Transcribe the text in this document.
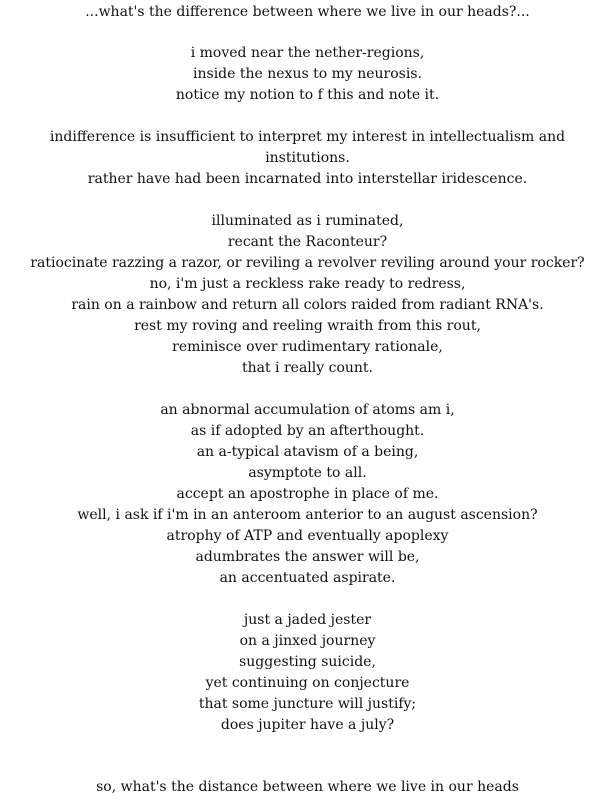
...what's the difference between where we live in our heads?...
i moved near the nether-regions,
inside the nexus to my neurosis.
notice my notion to f this and note it.
indifference is insufficient to interpret my interest in intellectualism and
institutions.
rather have had been incarnated into interstellar iridescence.
illuminated as i ruminated,
recant the Raconteur?
ratiocinate razzing a razor, or reviling a revolver reviling around your rocker?
no, i'm just a reckless rake ready to redress,
rain on a rainbow and return all colors raided from radiant RNA's.
rest my roving and reeling wraith from this rout,
reminisce over rudimentary rationale,
that i really count.
an abnormal accumulation of atoms am i,
as if adopted by an afterthought.
an a-typical atavism of a being,
asymptote to all.
accept an apostrophe in place of me.
well, i ask if i'm in an anteroom anterior to an august ascension?
atrophy of ATP and eventually apoplexy
adumbrates the answer will be,
an accentuated aspirate.
just a jaded jester
on a jinxed journey
suggesting suicide,
yet continuing on conjecture
that some juncture will justify;
does jupiter have a july?
so, what's the distance between where we live in our heads
